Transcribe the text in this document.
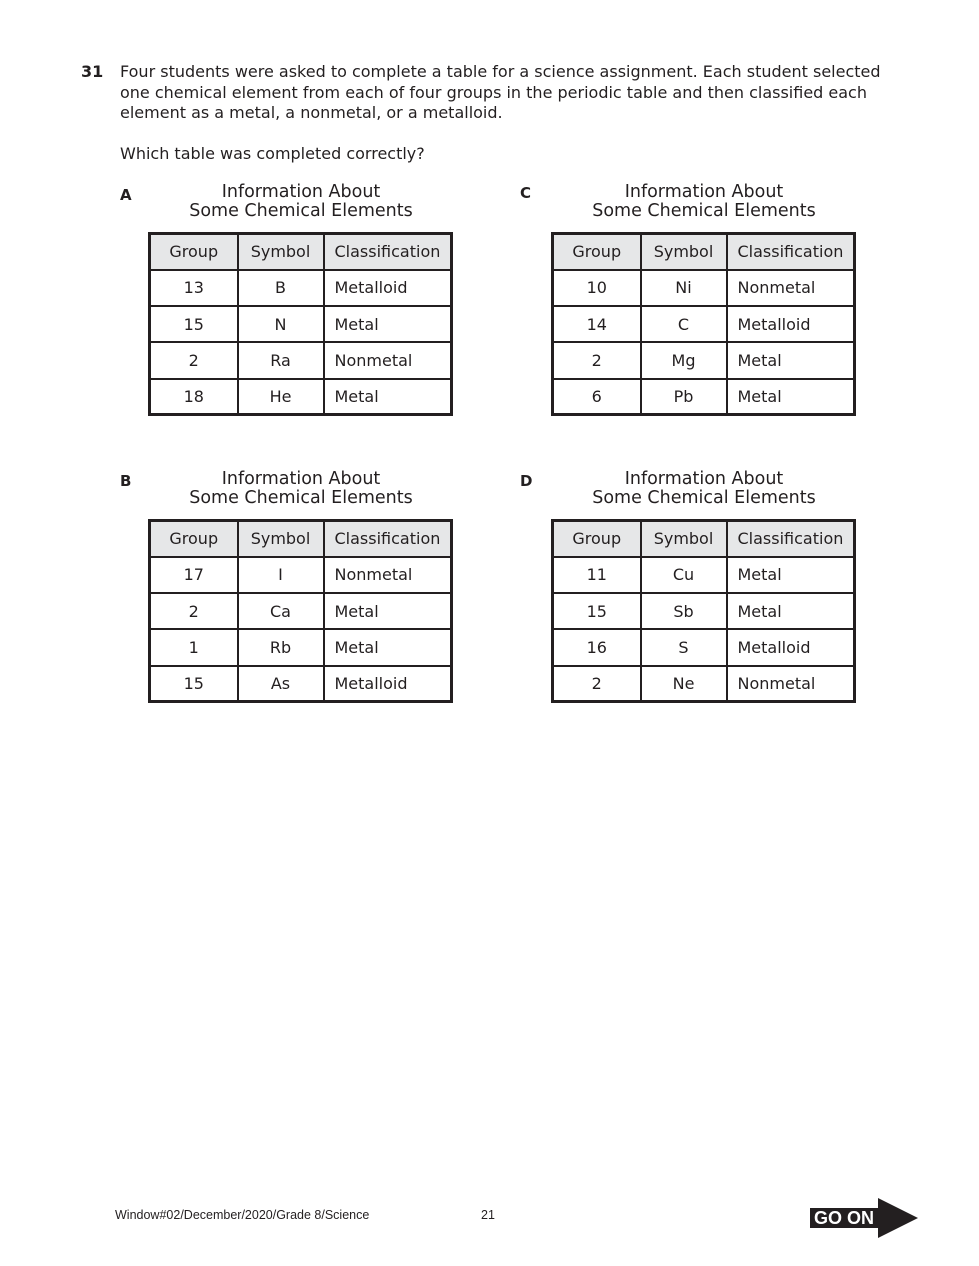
31 Four students were asked to complete a table for a science assignment. Each student selected one chemical element from each of four groups in the periodic table and then classified each element as a metal, a nonmetal, or a metalloid.
Which table was completed correctly?
A	Information About
Some Chemical Elements
Group	Symbol	Classification
13	B	Metalloid
15	N	Metal
2	Ra	Nonmetal
18	He	Metal
C	Information About
Some Chemical Elements
Group	Symbol	Classification
10	Ni	Nonmetal
14	C	Metalloid
2	Mg	Metal
6	Pb	Metal
B	Information About
Some Chemical Elements
Group	Symbol	Classification
17	I	Nonmetal
2	Ca	Metal
1	Rb	Metal
15	As	Metalloid
D	Information About
Some Chemical Elements
Group	Symbol	Classification
11	Cu	Metal
15	Sb	Metal
16	S	Metalloid
2	Ne	Nonmetal
Window#02/December/2020/Grade 8/Science	21	GO ON
